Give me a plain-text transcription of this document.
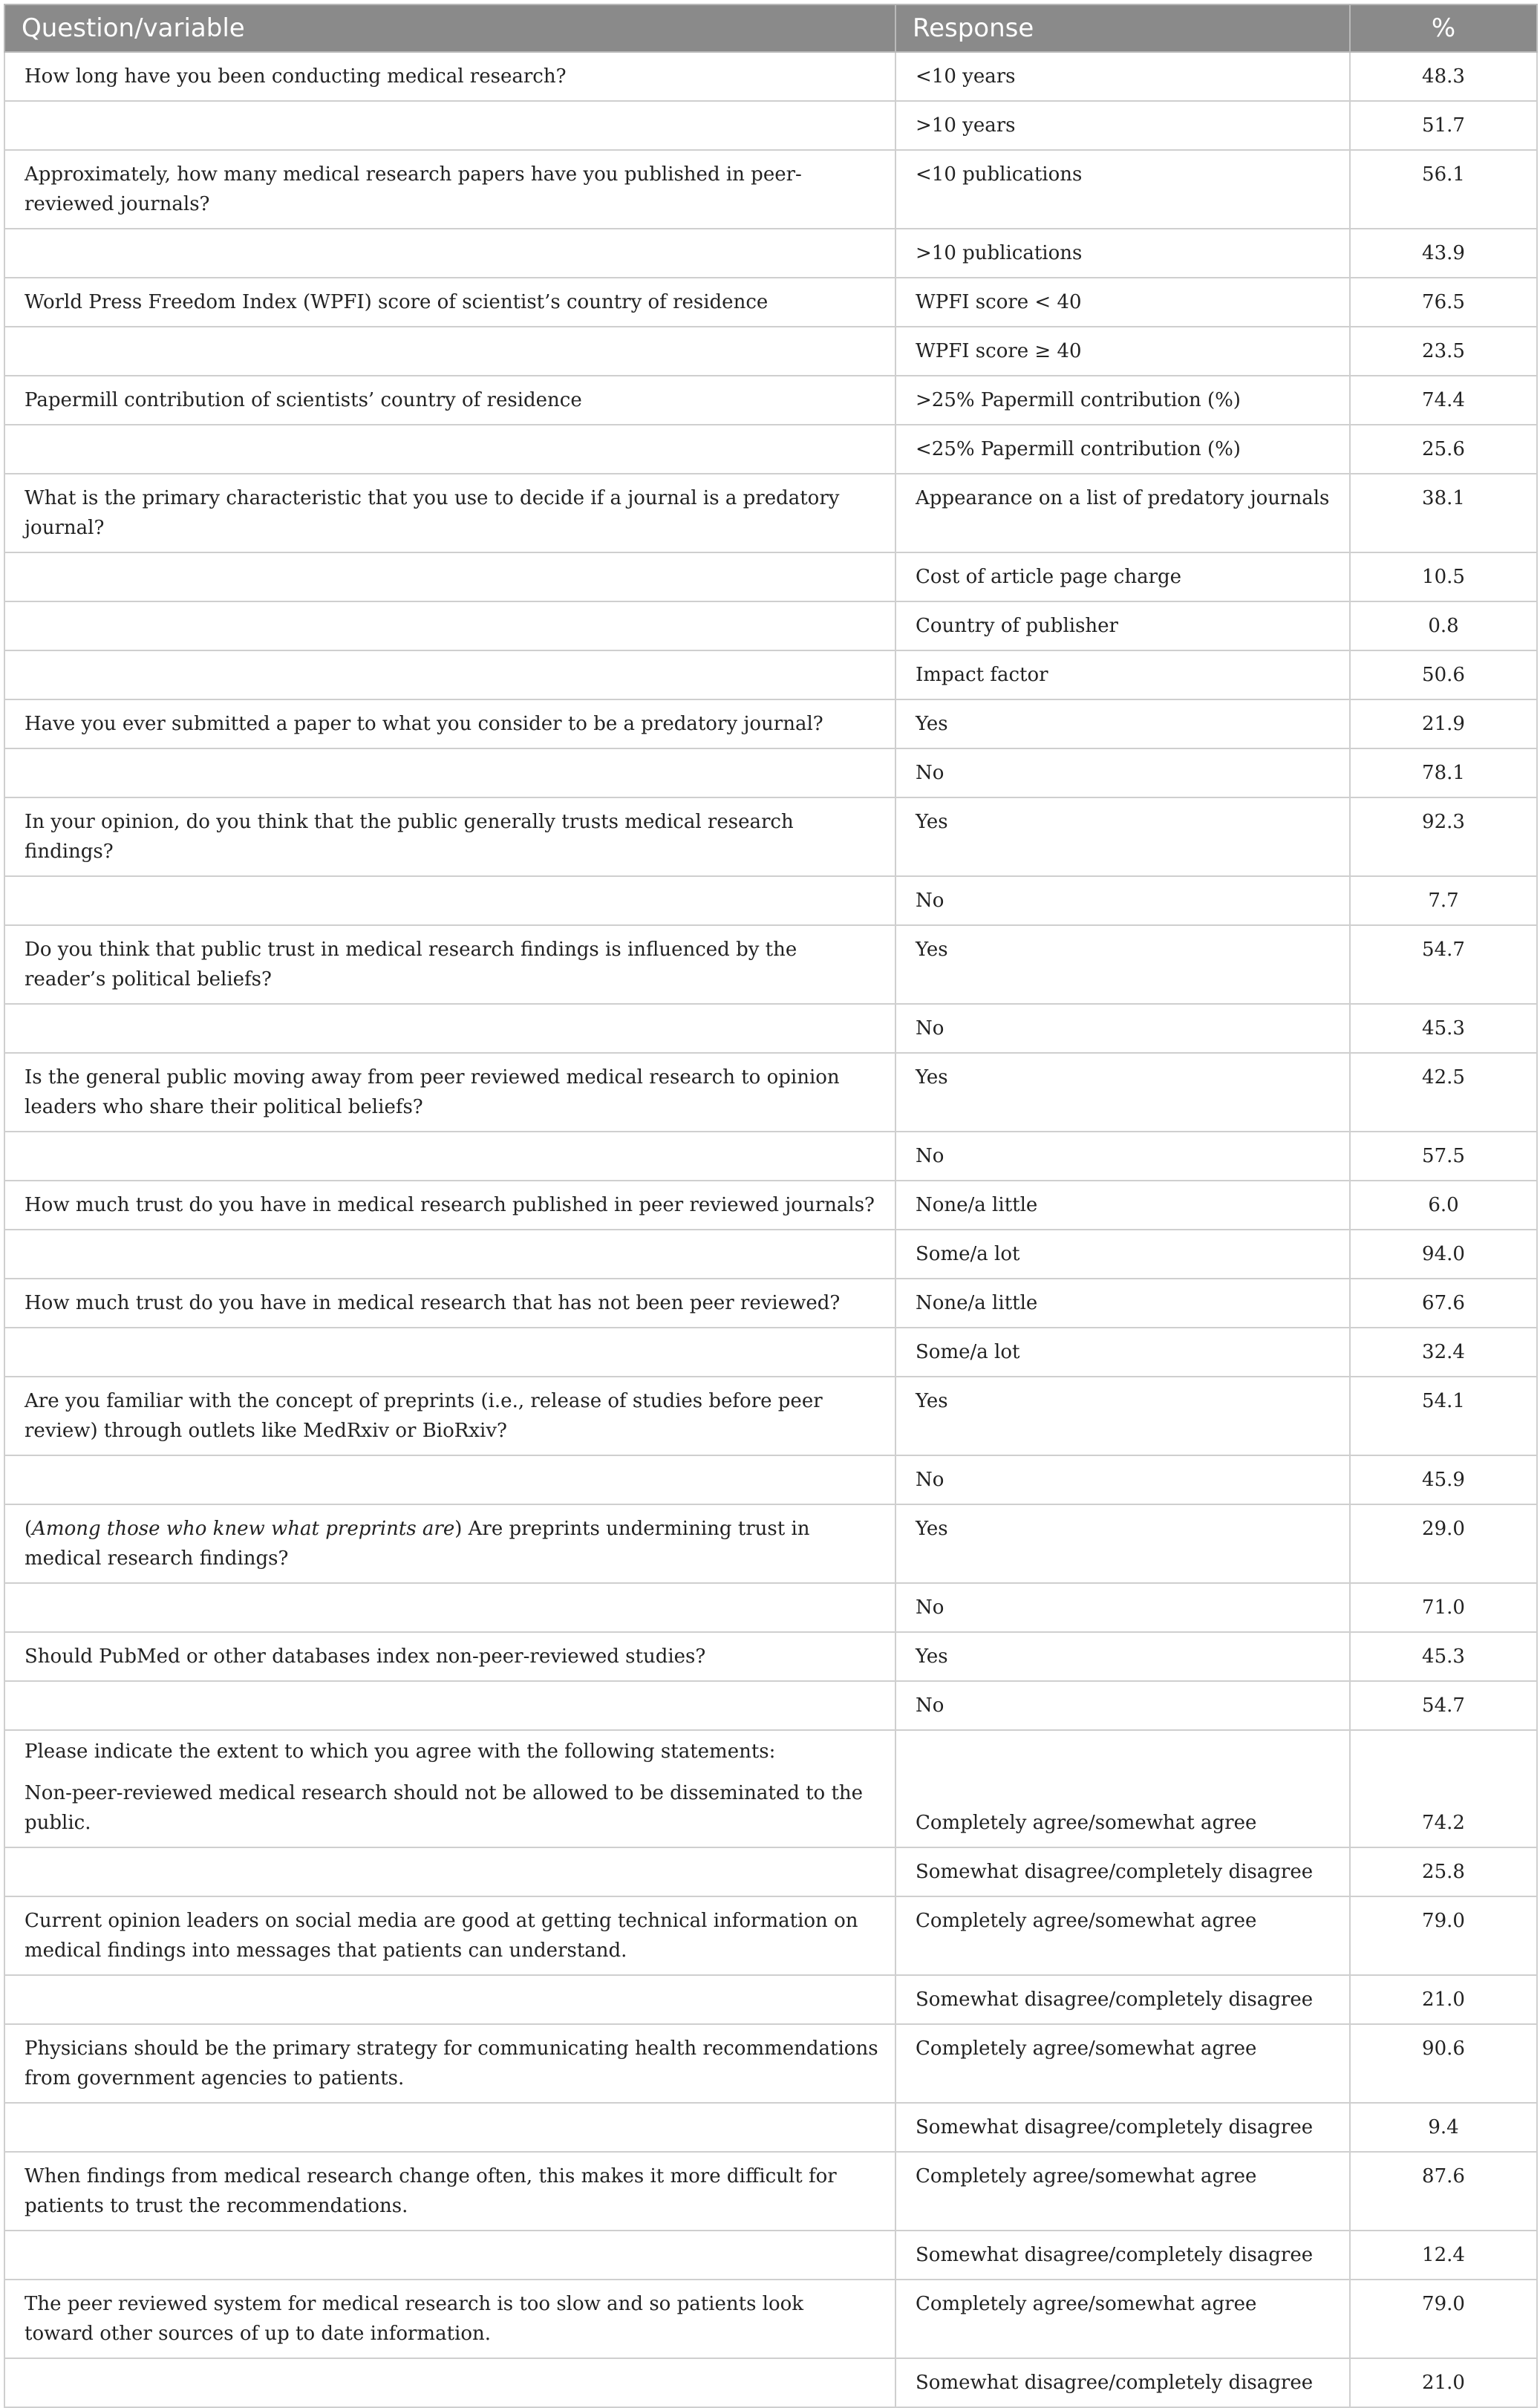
Question/variable	Response	%
How long have you been conducting medical research?	<10 years	48.3
	>10 years	51.7
Approximately, how many medical research papers have you published in peer-reviewed journals?	<10 publications	56.1
	>10 publications	43.9
World Press Freedom Index (WPFI) score of scientist’s country of residence	WPFI score < 40	76.5
	WPFI score ≥ 40	23.5
Papermill contribution of scientists’ country of residence	>25% Papermill contribution (%)	74.4
	<25% Papermill contribution (%)	25.6
What is the primary characteristic that you use to decide if a journal is a predatory journal?	Appearance on a list of predatory journals	38.1
	Cost of article page charge	10.5
	Country of publisher	0.8
	Impact factor	50.6
Have you ever submitted a paper to what you consider to be a predatory journal?	Yes	21.9
	No	78.1
In your opinion, do you think that the public generally trusts medical research findings?	Yes	92.3
	No	7.7
Do you think that public trust in medical research findings is influenced by the reader’s political beliefs?	Yes	54.7
	No	45.3
Is the general public moving away from peer reviewed medical research to opinion leaders who share their political beliefs?	Yes	42.5
	No	57.5
How much trust do you have in medical research published in peer reviewed journals?	None/a little	6.0
	Some/a lot	94.0
How much trust do you have in medical research that has not been peer reviewed?	None/a little	67.6
	Some/a lot	32.4
Are you familiar with the concept of preprints (i.e., release of studies before peer review) through outlets like MedRxiv or BioRxiv?	Yes	54.1
	No	45.9
(Among those who knew what preprints are) Are preprints undermining trust in medical research findings?	Yes	29.0
	No	71.0
Should PubMed or other databases index non-peer-reviewed studies?	Yes	45.3
	No	54.7

Please indicate the extent to which you agree with the following statements:
Non-peer-reviewed medical research should not be allowed to be disseminated to the public.	Completely agree/somewhat agree	74.2
	Somewhat disagree/completely disagree	25.8
Current opinion leaders on social media are good at getting technical information on medical findings into messages that patients can understand.	Completely agree/somewhat agree	79.0
	Somewhat disagree/completely disagree	21.0
Physicians should be the primary strategy for communicating health recommendations from government agencies to patients.	Completely agree/somewhat agree	90.6
	Somewhat disagree/completely disagree	9.4
When findings from medical research change often, this makes it more difficult for patients to trust the recommendations.	Completely agree/somewhat agree	87.6
	Somewhat disagree/completely disagree	12.4
The peer reviewed system for medical research is too slow and so patients look toward other sources of up to date information.	Completely agree/somewhat agree	79.0
	Somewhat disagree/completely disagree	21.0
